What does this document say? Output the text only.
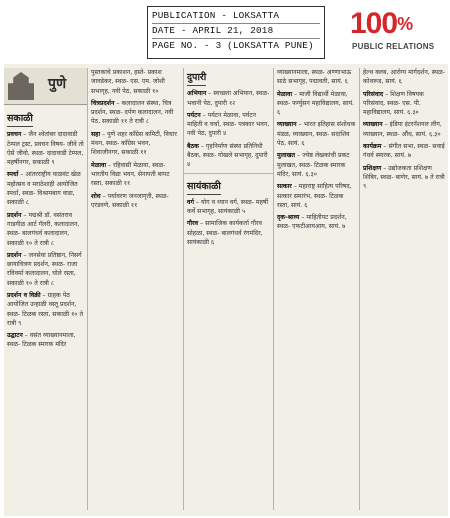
PUBLICATION - LOKSATTA
DATE - APRIL 21, 2018
PAGE NO. - 3 (LOKSATTA PUNE)
100%
PUBLIC RELATIONS
पुणे
सकाळी
प्रवचन – जैन श्वेतांबर दादावाडी टेम्पल ट्रस्ट, प्रवचन विषय- जीवे तो ऐसे जीवो, स्थळ- दादावाडी टेम्पल, महर्षीनगर, सकाळी ९
स्पर्धा – आंतरराष्ट्रीय वाळवंट खेळ महोत्सव व मराठेशाही आयोजित स्पर्धा, स्थळ- विश्रामबाग वाडा, सकाळी ८
प्रदर्शन – पद्मश्री डॉ. वसंतराव गाडगीळ आर्ट गॅलरी, कलादालन, स्थळ- बालगंधर्व कलादालन, सकाळी १० ते रात्री ८
प्रदर्शन – जनसेवा प्रतिष्ठान, निसर्ग छायाचित्रण प्रदर्शन, स्थळ- राजा रविवर्मा कलादालन, घोले रस्ता, सकाळी १० ते रात्री ८
प्रदर्शन व विक्री – ग्राहक पेठ आयोजित उन्हाळी वस्तू प्रदर्शन, स्थळ- टिळक रस्ता, सकाळी १० ते रात्री ९
उद्घाटन – वसंत व्याख्यानमाला, स्थळ- टिळक स्मारक मंदिर
पुस्तकाचे प्रकाशन, हस्ते- प्रकाश जावडेकर, स्थळ- एस. एम. जोशी सभागृह, नवी पेठ, सकाळी १०
चित्रप्रदर्शन – कलादालन संस्था, चित्र प्रदर्शन, स्थळ- दर्पण कलादालन, नवी पेठ, सकाळी ११ ते रात्री ८
सहा – पुणे शहर कॉंग्रेस कमिटी, विचार मंथन, स्थळ- कॉंग्रेस भवन, शिवाजीनगर, सकाळी ११
मेळावा – रहिवासी मेळावा, स्थळ- भारतीय विद्या भवन, सेनापती बापट रस्ता, सकाळी ११
शोध – पर्यावरण जनजागृती, स्थळ- एरंडवणे, सकाळी ११
दुपारी
अभियान – स्वच्छता अभियान, स्थळ- भवानी पेठ, दुपारी १२
पर्यटन – पर्यटन मेळावा, पर्यटन माहिती व चर्चा, स्थळ- पत्रकार भवन, नवी पेठ, दुपारी ४
बैठक – गृहनिर्माण संस्था प्रतिनिधी बैठक, स्थळ- गोखले सभागृह, दुपारी ४
सायंकाळी
वर्ग – योग व ध्यान वर्ग, स्थळ- महर्षी कर्वे सभागृह, सायंकाळी ५
गौरव – सामाजिक कार्यकर्ता गौरव सोहळा, स्थळ- बालगंधर्व रंगमंदिर, सायंकाळी ६
व्याख्यानमाला, स्थळ- अण्णाभाऊ साठे सभागृह, पद्मावती, सायं. ६
मेळावा – माजी विद्यार्थी मेळावा, स्थळ- फर्ग्युसन महाविद्यालय, सायं. ६
व्याख्यान – भारत इतिहास संशोधक मंडळ, व्याख्यान, स्थळ- सदाशिव पेठ, सायं. ६
मुलाखत – ज्येष्ठ लेखकांची प्रकट मुलाखत, स्थळ- टिळक स्मारक मंदिर, सायं. ६.३०
सत्कार – महाराष्ट्र साहित्य परिषद, सत्कार समारंभ, स्थळ- टिळक रस्ता, सायं. ६
दृक-श्राव्य – माहितीपट प्रदर्शन, स्थळ- एफटीआयआय, सायं. ७
हेल्थ क्लब, आरोग्य मार्गदर्शन, स्थळ- कोथरूड, सायं. ६
परिसंवाद – शिक्षण विषयक परिसंवाद, स्थळ- एस. पी. महाविद्यालय, सायं. ६.३०
व्याख्यान – इंडिया इंटरनॅशनल लीग, व्याख्यान, स्थळ- औंध, सायं. ६.३०
कार्यक्रम – संगीत सभा, स्थळ- सवाई गंधर्व स्मारक, सायं. ७
प्रशिक्षण – उद्योजकता प्रशिक्षण शिबिर, स्थळ- बाणेर, सायं. ७ ते रात्री ९
